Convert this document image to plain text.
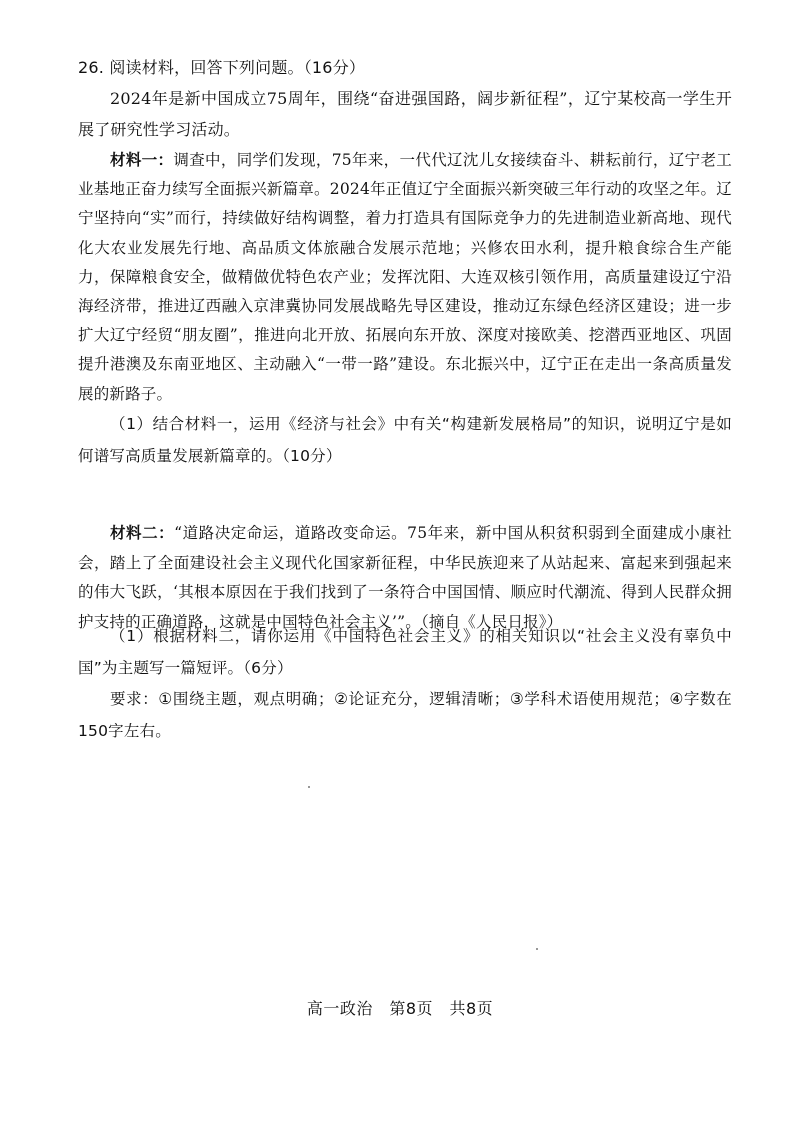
26. 阅读材料，回答下列问题。（16分）

2024年是新中国成立75周年，围绕“奋进强国路，阔步新征程”，辽宁某校高一学生开展了研究性学习活动。

材料一：调查中，同学们发现，75年来，一代代辽沈儿女接续奋斗、耕耘前行，辽宁老工业基地正奋力续写全面振兴新篇章。2024年正值辽宁全面振兴新突破三年行动的攻坚之年。辽宁坚持向“实”而行，持续做好结构调整，着力打造具有国际竞争力的先进制造业新高地、现代化大农业发展先行地、高品质文体旅融合发展示范地；兴修农田水利，提升粮食综合生产能力，保障粮食安全，做精做优特色农产业；发挥沈阳、大连双核引领作用，高质量建设辽宁沿海经济带，推进辽西融入京津冀协同发展战略先导区建设，推动辽东绿色经济区建设；进一步扩大辽宁经贸“朋友圈”，推进向北开放、拓展向东开放、深度对接欧美、挖潜西亚地区、巩固提升港澳及东南亚地区、主动融入“一带一路”建设。东北振兴中，辽宁正在走出一条高质量发展的新路子。

（1）结合材料一，运用《经济与社会》中有关“构建新发展格局”的知识，说明辽宁是如何谱写高质量发展新篇章的。（10分）

材料二：“道路决定命运，道路改变命运。75年来，新中国从积贫积弱到全面建成小康社会，踏上了全面建设社会主义现代化国家新征程，中华民族迎来了从站起来、富起来到强起来的伟大飞跃，‘其根本原因在于我们找到了一条符合中国国情、顺应时代潮流、得到人民群众拥护支持的正确道路，这就是中国特色社会主义’”。（摘自《人民日报》）

（1）根据材料二，请你运用《中国特色社会主义》的相关知识以“社会主义没有辜负中国”为主题写一篇短评。（6分）

要求：①围绕主题，观点明确；②论证充分，逻辑清晰；③学科术语使用规范；④字数在150字左右。

高一政治　第8页　共8页
